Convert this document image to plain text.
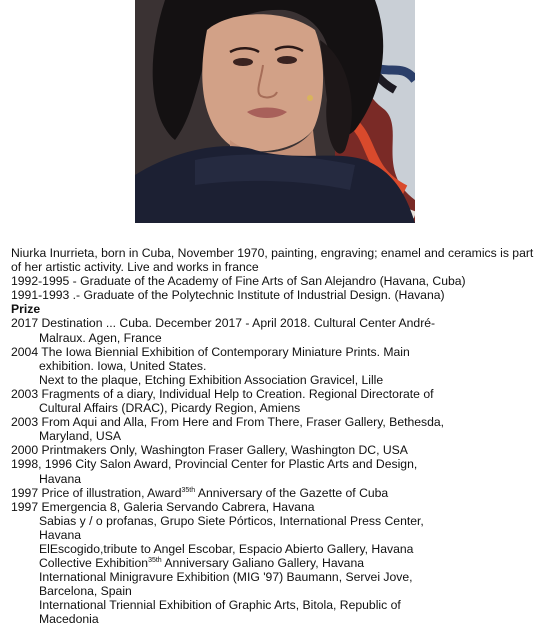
Niurka Inurrieta, born in Cuba, November 1970, painting, engraving; enamel and ceramics is part of her artistic activity. Live and works in france

1992-1995 - Graduate of the Academy of Fine Arts of San Alejandro (Havana, Cuba)

1991-1993 .- Graduate of the Polytechnic Institute of Industrial Design. (Havana)

Prize

2017 Destination ... Cuba. December 2017 - April 2018. Cultural Center André-
Malraux. Agen, France
2004 The Iowa Biennial Exhibition of Contemporary Miniature Prints. Main
exhibition. Iowa, United States.
Next to the plaque, Etching Exhibition Association Gravicel, Lille
2003 Fragments of a diary, Individual Help to Creation. Regional Directorate of
Cultural Affairs (DRAC), Picardy Region, Amiens
2003 From Aqui and Alla, From Here and From There, Fraser Gallery, Bethesda,
Maryland, USA
2000 Printmakers Only, Washington Fraser Gallery, Washington DC, USA
1998, 1996 City Salon Award, Provincial Center for Plastic Arts and Design,
Havana
1997 Price of illustration, Award$^{35th}$ Anniversary of the Gazette of Cuba
1997 Emergencia 8, Galeria Servando Cabrera, Havana
Sabias y / o profanas, Grupo Siete Pórticos, International Press Center,
Havana
ElEscogido,tribute to Angel Escobar, Espacio Abierto Gallery, Havana
Collective Exhibition$^{35th}$ Anniversary Galiano Gallery, Havana
International Minigravure Exhibition (MIG '97) Baumann, Servei Jove,
Barcelona, Spain
International Triennial Exhibition of Graphic Arts, Bitola, Republic of
Macedonia
